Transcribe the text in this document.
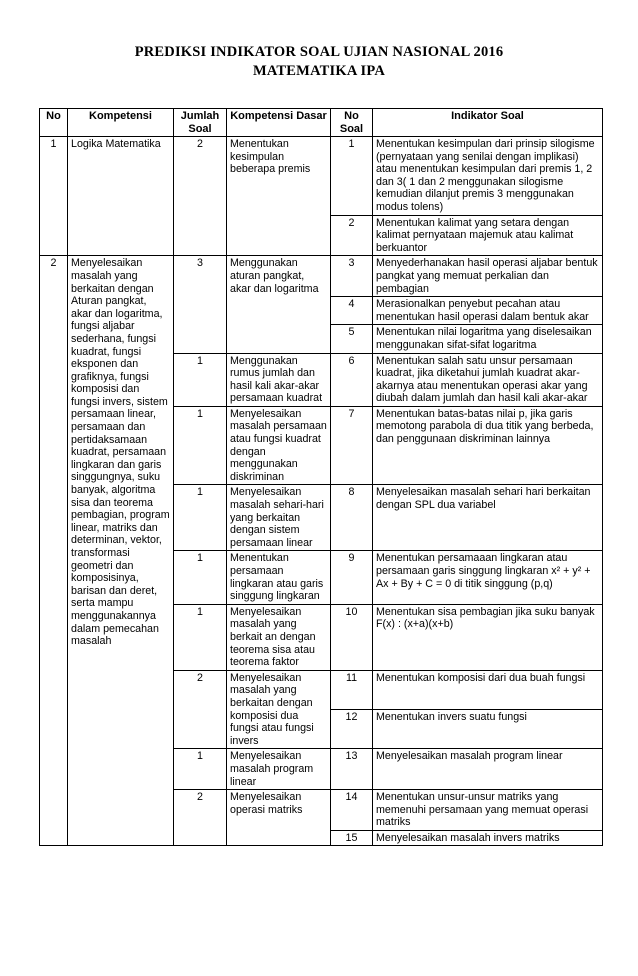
PREDIKSI INDIKATOR SOAL UJIAN NASIONAL 2016
MATEMATIKA IPA
No	Kompetensi	Jumlah Soal	Kompetensi Dasar	No Soal	Indikator Soal
1	Logika Matematika	2	Menentukan kesimpulan beberapa premis	1	Menentukan kesimpulan dari prinsip silogisme (pernyataan yang senilai dengan implikasi) atau menentukan kesimpulan dari premis 1, 2 dan 3( 1 dan 2 menggunakan silogisme kemudian dilanjut premis 3 menggunakan modus tolens)
				2	Menentukan kalimat yang setara dengan kalimat pernyataan majemuk atau kalimat berkuantor
2	Menyelesaikan masalah yang berkaitan dengan Aturan pangkat, akar dan logaritma, fungsi aljabar sederhana, fungsi kuadrat, fungsi eksponen dan grafiknya, fungsi komposisi dan fungsi invers, sistem persamaan linear, persamaan dan pertidaksamaan kuadrat, persamaan lingkaran dan garis singgungnya, suku banyak, algoritma sisa dan teorema pembagian, program linear, matriks dan determinan, vektor, transformasi geometri dan komposisinya, barisan dan deret, serta mampu menggunakannya dalam pemecahan masalah	3	Menggunakan aturan pangkat, akar dan logaritma	3	Menyederhanakan hasil operasi aljabar bentuk pangkat yang memuat perkalian dan pembagian
				4	Merasionalkan penyebut pecahan atau menentukan hasil operasi dalam bentuk akar
				5	Menentukan nilai logaritma yang diselesaikan menggunakan sifat-sifat logaritma
		1	Menggunakan rumus jumlah dan hasil kali akar-akar persamaan kuadrat	6	Menentukan salah satu unsur persamaan kuadrat, jika diketahui jumlah kuadrat akar-akarnya atau menentukan operasi akar yang diubah dalam jumlah dan hasil kali akar-akar
		1	Menyelesaikan masalah persamaan atau fungsi kuadrat dengan menggunakan diskriminan	7	Menentukan batas-batas nilai p, jika garis memotong parabola di dua titik yang berbeda, dan penggunaan diskriminan lainnya
		1	Menyelesaikan masalah sehari-hari yang berkaitan dengan sistem persamaan linear	8	Menyelesaikan masalah sehari hari berkaitan dengan SPL dua variabel
		1	Menentukan persamaan lingkaran atau garis singgung lingkaran	9	Menentukan persamaaan lingkaran atau persamaan garis singgung lingkaran x² + y² + Ax + By + C = 0 di titik singgung (p,q)
		1	Menyelesaikan masalah yang berkait an dengan teorema sisa atau teorema faktor	10	Menentukan sisa pembagian jika suku banyak F(x) : (x+a)(x+b)
		2	Menyelesaikan masalah yang berkaitan dengan komposisi dua fungsi atau fungsi invers	11	Menentukan komposisi dari dua buah fungsi
				12	Menentukan invers suatu fungsi
		1	Menyelesaikan masalah program linear	13	Menyelesaikan masalah program linear
		2	Menyelesaikan operasi matriks	14	Menentukan unsur-unsur matriks yang memenuhi persamaan yang memuat operasi matriks
				15	Menyelesaikan masalah invers matriks
